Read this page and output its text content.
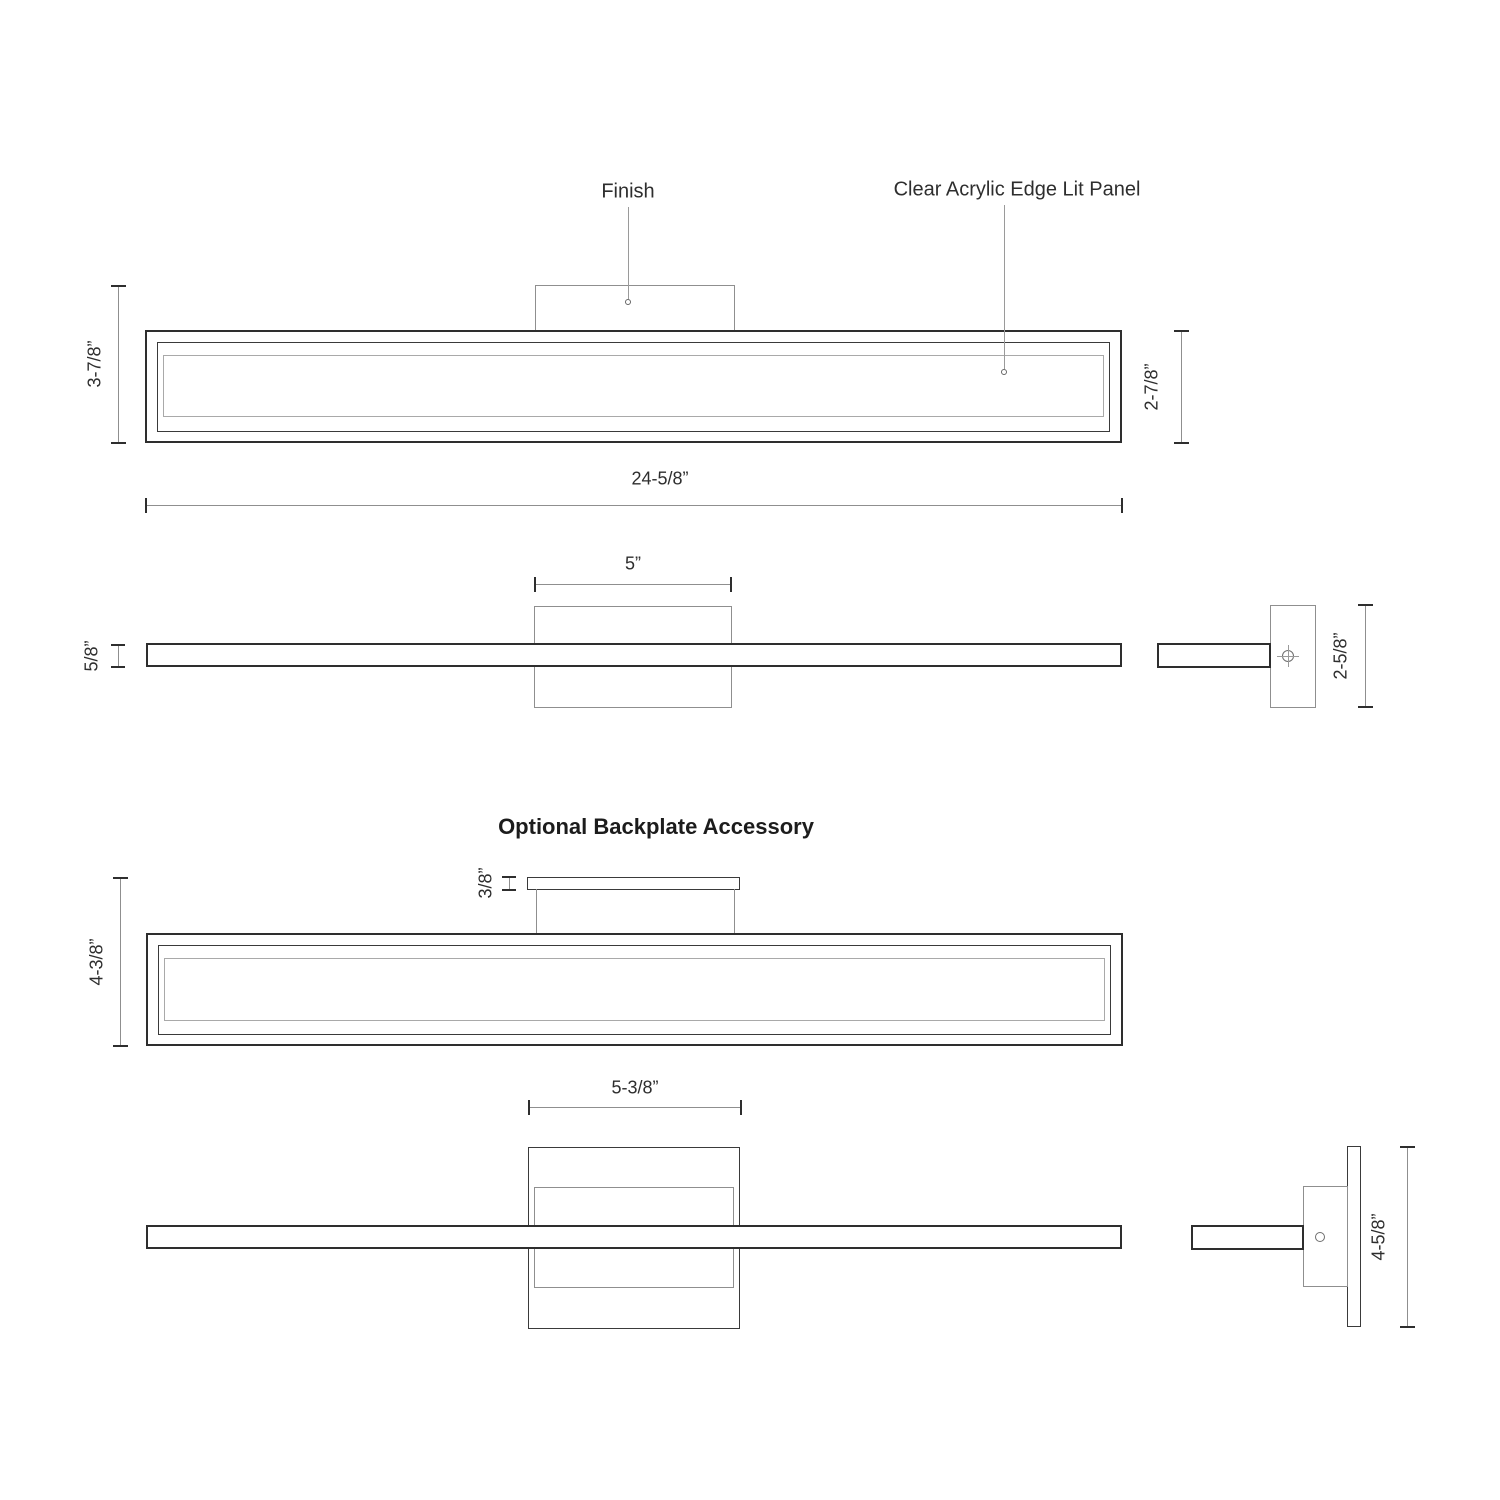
Finish	Clear Acrylic Edge Lit Panel
3-7/8”	2-7/8”
24-5/8”
5”
5/8”	2-5/8”
Optional Backplate Accessory
3/8”
4-3/8”
5-3/8”
4-5/8”
